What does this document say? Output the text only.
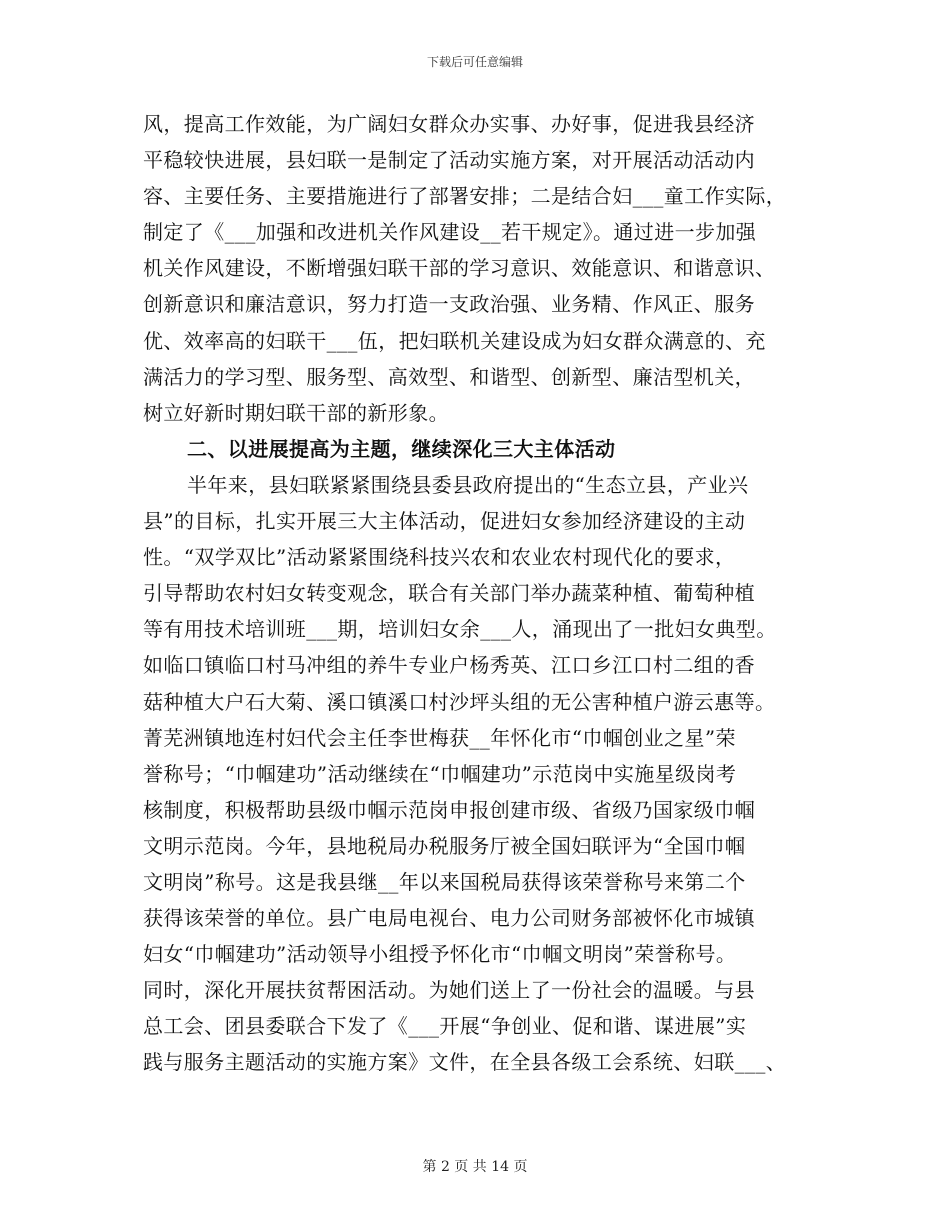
下载后可任意编辑
风，提高工作效能，为广阔妇女群众办实事、办好事，促进我县经济
平稳较快进展，县妇联一是制定了活动实施方案，对开展活动活动内
容、主要任务、主要措施进行了部署安排；二是结合妇___童工作实际，
制定了《___加强和改进机关作风建设__若干规定》。通过进一步加强
机关作风建设，不断增强妇联干部的学习意识、效能意识、和谐意识、
创新意识和廉洁意识，努力打造一支政治强、业务精、作风正、服务
优、效率高的妇联干___伍，把妇联机关建设成为妇女群众满意的、充
满活力的学习型、服务型、高效型、和谐型、创新型、廉洁型机关，
树立好新时期妇联干部的新形象。
二、以进展提高为主题，继续深化三大主体活动
半年来，县妇联紧紧围绕县委县政府提出的“生态立县，产业兴
县”的目标，扎实开展三大主体活动，促进妇女参加经济建设的主动
性。“双学双比”活动紧紧围绕科技兴农和农业农村现代化的要求，
引导帮助农村妇女转变观念，联合有关部门举办蔬菜种植、葡萄种植
等有用技术培训班___期，培训妇女余___人，涌现出了一批妇女典型。
如临口镇临口村马冲组的养牛专业户杨秀英、江口乡江口村二组的香
菇种植大户石大菊、溪口镇溪口村沙坪头组的无公害种植户游云惠等。
菁芜洲镇地连村妇代会主任李世梅获__年怀化市“巾帼创业之星”荣
誉称号；“巾帼建功”活动继续在“巾帼建功”示范岗中实施星级岗考
核制度，积极帮助县级巾帼示范岗申报创建市级、省级乃国家级巾帼
文明示范岗。今年，县地税局办税服务厅被全国妇联评为“全国巾帼
文明岗”称号。这是我县继__年以来国税局获得该荣誉称号来第二个
获得该荣誉的单位。县广电局电视台、电力公司财务部被怀化市城镇
妇女“巾帼建功”活动领导小组授予怀化市“巾帼文明岗”荣誉称号。
同时，深化开展扶贫帮困活动。为她们送上了一份社会的温暖。与县
总工会、团县委联合下发了《___开展“争创业、促和谐、谋进展”实
践与服务主题活动的实施方案》文件，在全县各级工会系统、妇联___、
第 2 页 共 14 页
